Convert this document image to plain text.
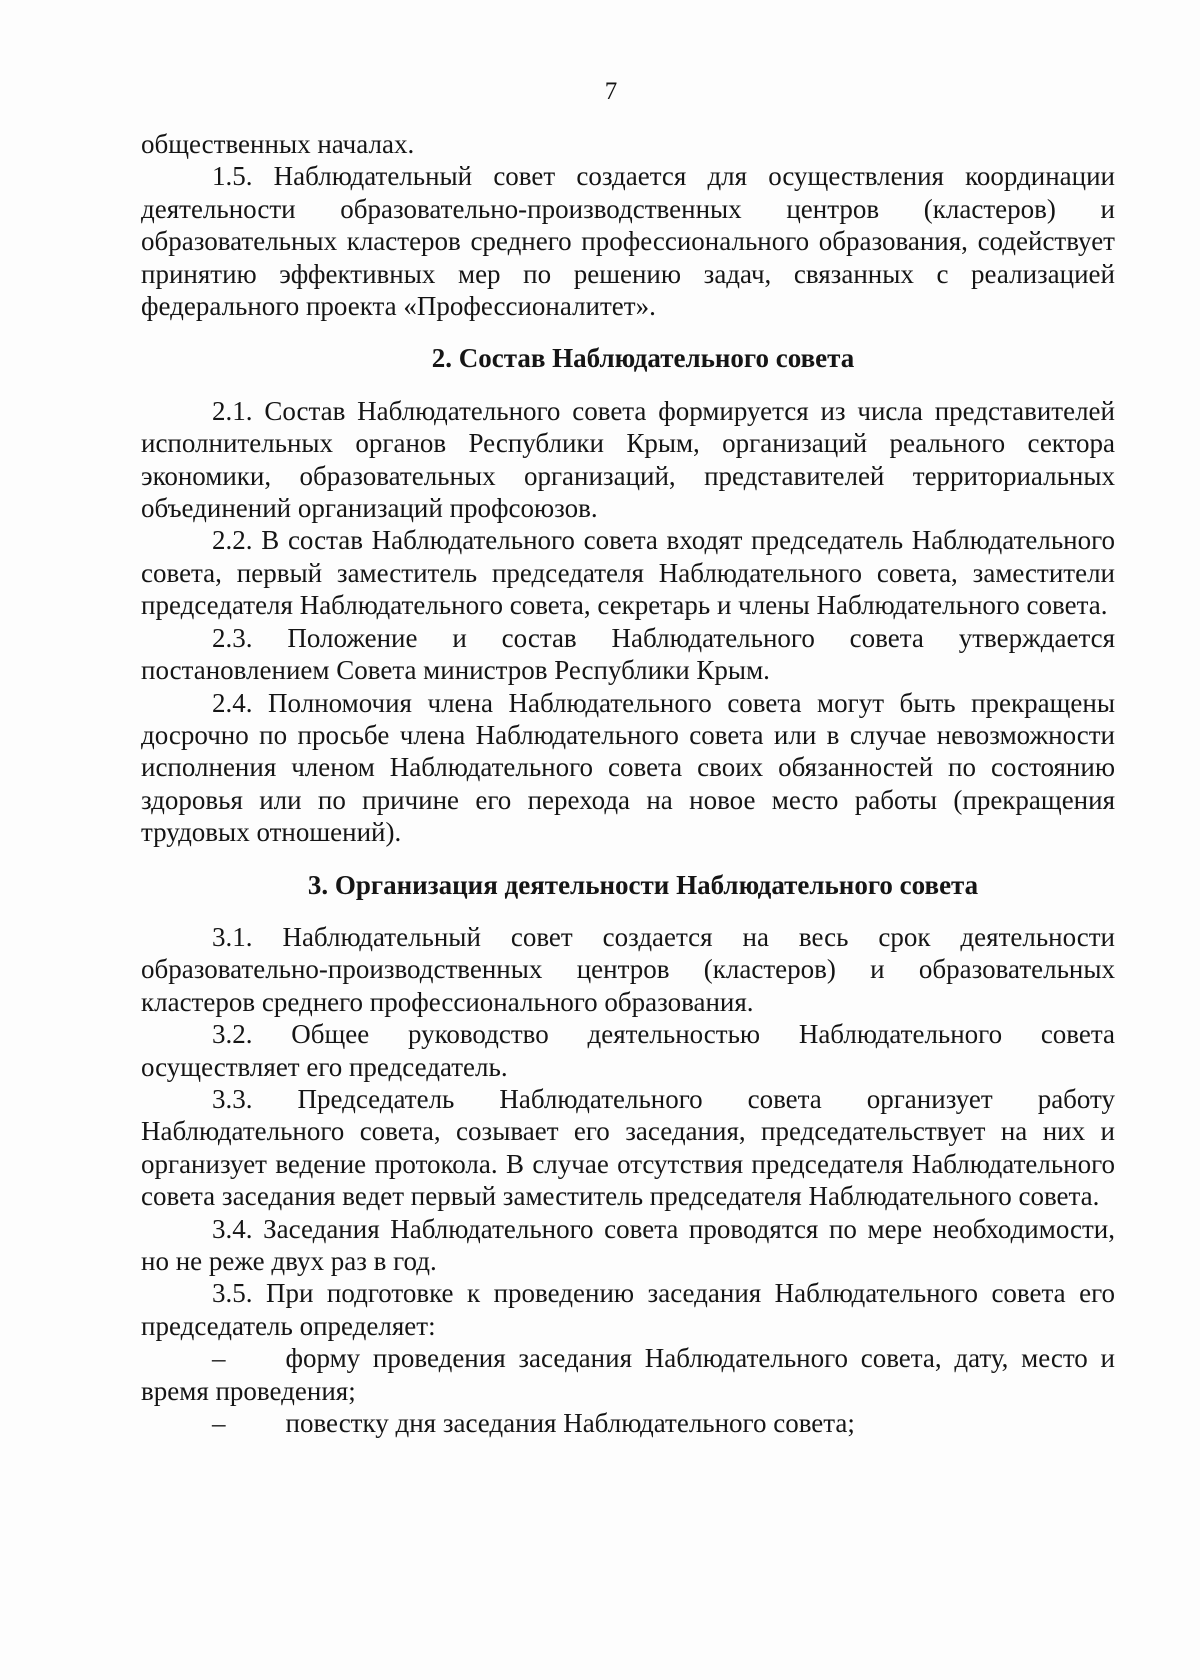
7

общественных началах.

1.5. Наблюдательный совет создается для осуществления координации деятельности образовательно-производственных центров (кластеров) и образовательных кластеров среднего профессионального образования, содействует принятию эффективных мер по решению задач, связанных с реализацией федерального проекта «Профессионалитет».

2. Состав Наблюдательного совета

2.1. Состав Наблюдательного совета формируется из числа представителей исполнительных органов Республики Крым, организаций реального сектора экономики, образовательных организаций, представителей территориальных объединений организаций профсоюзов.

2.2. В состав Наблюдательного совета входят председатель Наблюдательного совета, первый заместитель председателя Наблюдательного совета, заместители председателя Наблюдательного совета, секретарь и члены Наблюдательного совета.

2.3. Положение и состав Наблюдательного совета утверждается постановлением Совета министров Республики Крым.

2.4. Полномочия члена Наблюдательного совета могут быть прекращены досрочно по просьбе члена Наблюдательного совета или в случае невозможности исполнения членом Наблюдательного совета своих обязанностей по состоянию здоровья или по причине его перехода на новое место работы (прекращения трудовых отношений).

3. Организация деятельности Наблюдательного совета

3.1. Наблюдательный совет создается на весь срок деятельности образовательно-производственных центров (кластеров) и образовательных кластеров среднего профессионального образования.

3.2. Общее руководство деятельностью Наблюдательного совета осуществляет его председатель.

3.3. Председатель Наблюдательного совета организует работу Наблюдательного совета, созывает его заседания, председательствует на них и организует ведение протокола. В случае отсутствия председателя Наблюдательного совета заседания ведет первый заместитель председателя Наблюдательного совета.

3.4. Заседания Наблюдательного совета проводятся по мере необходимости, но не реже двух раз в год.

3.5. При подготовке к проведению заседания Наблюдательного совета его председатель определяет:

– форму проведения заседания Наблюдательного совета, дату, место и время проведения;

– повестку дня заседания Наблюдательного совета;
